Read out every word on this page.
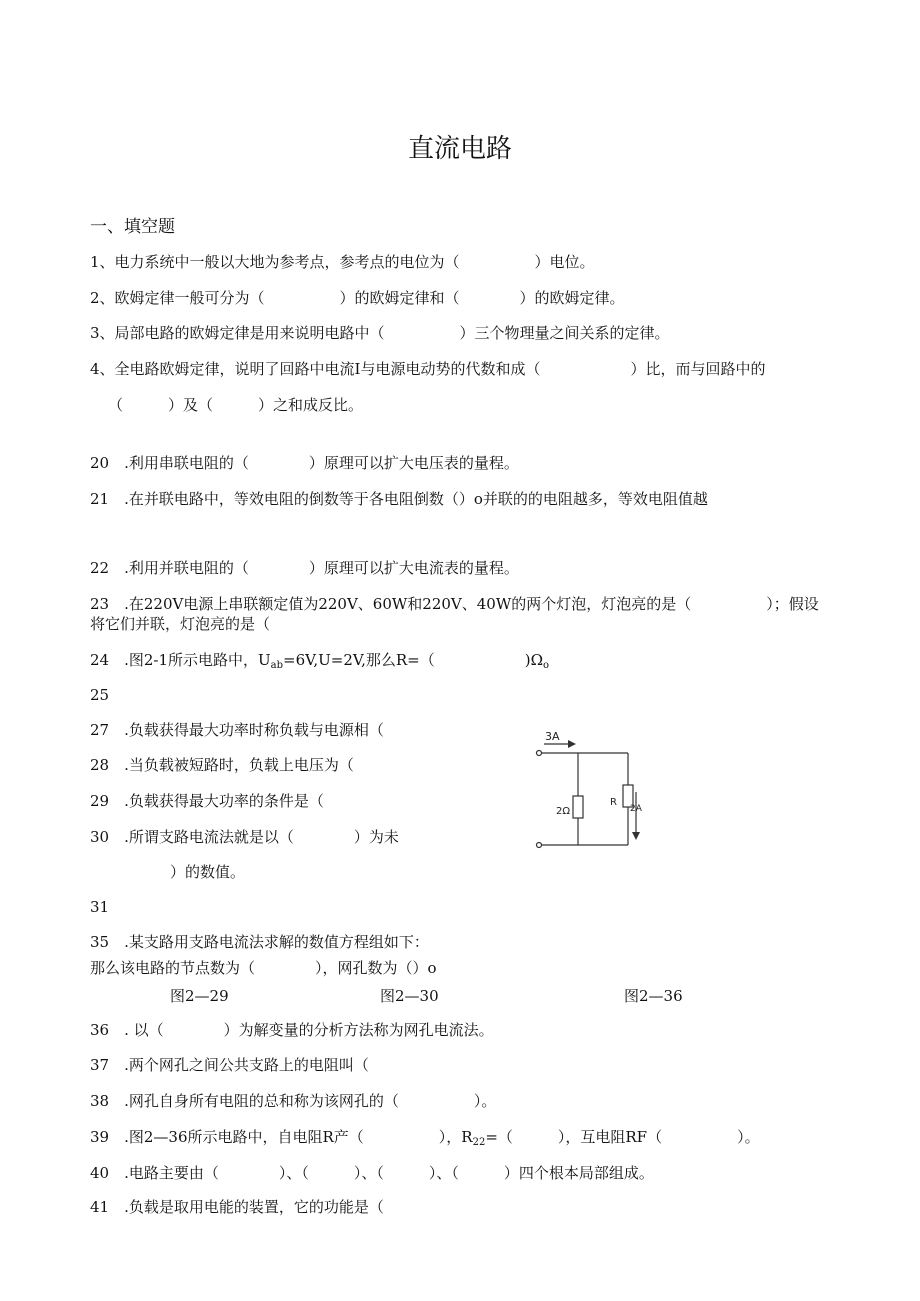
直流电路
一、填空题
1、电力系统中一般以大地为参考点，参考点的电位为（　　　　　）电位。
2、欧姆定律一般可分为（　　　　　）的欧姆定律和（　　　　）的欧姆定律。
3、局部电路的欧姆定律是用来说明电路中（　　　　　）三个物理量之间关系的定律。
4、全电路欧姆定律，说明了回路中电流I与电源电动势的代数和成（　　　　　　）比，而与回路中的
（　　　）及（　　　）之和成反比。
20　.利用串联电阻的（　　　　）原理可以扩大电压表的量程。
21　.在并联电路中，等效电阻的倒数等于各电阻倒数（）o并联的的电阻越多，等效电阻值越
22　.利用并联电阻的（　　　　）原理可以扩大电流表的量程。
23　.在220V电源上串联额定值为220V、60W和220V、40W的两个灯泡，灯泡亮的是（　　　　　）；假设
将它们并联，灯泡亮的是（
24　.图2-1所示电路中，$U_{ab}=6V,U=2V$,那么R=（　　　　　　)$\Omega_o$
25
27　.负载获得最大功率时称负载与电源相（
28　.当负载被短路时，负载上电压为（
29　.负载获得最大功率的条件是（
30　.所谓支路电流法就是以（　　　　）为未
）的数值。
3A
2Ω
R
2A
31
35　.某支路用支路电流法求解的数值方程组如下：
那么该电路的节点数为（　　　　），网孔数为（）o
图2—29	图2—30	图2—36
36　. 以（　　　　）为解变量的分析方法称为网孔电流法。
37　.两个网孔之间公共支路上的电阻叫（
38　.网孔自身所有电阻的总和称为该网孔的（　　　　　）。
39　.图2—36所示电路中，自电阻R产（　　　　　），$R_{22}=$（　　　），互电阻RF（　　　　　）。
40　.电路主要由（　　　　）、（　　　）、（　　　）、（　　　）四个根本局部组成。
41　.负载是取用电能的装置，它的功能是（
